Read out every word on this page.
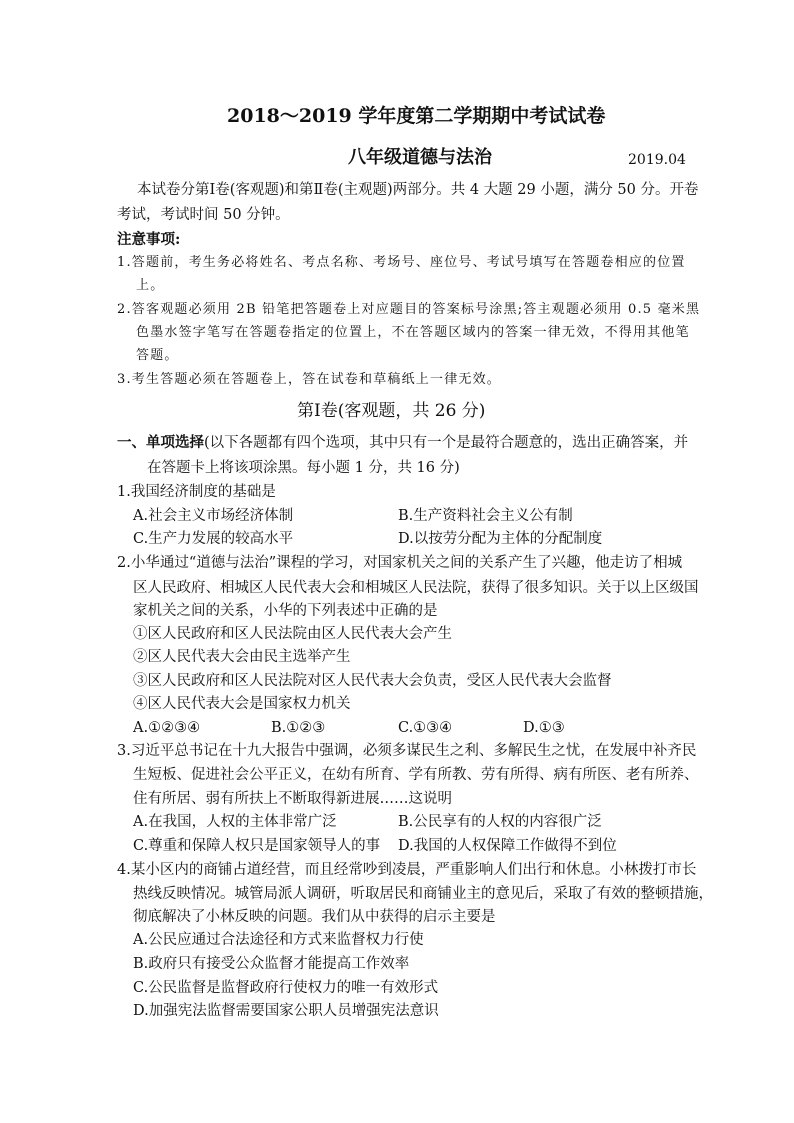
2018～2019 学年度第二学期期中考试试卷
八年级道德与法治	2019.04
本试卷分第Ⅰ卷(客观题)和第Ⅱ卷(主观题)两部分。共 4 大题 29 小题，满分 50 分。开卷
考试，考试时间 50 分钟。
注意事项:
1.答题前，考生务必将姓名、考点名称、考场号、座位号、考试号填写在答题卷相应的位置
上。
2.答客观题必须用 2B 铅笔把答题卷上对应题目的答案标号涂黑;答主观题必须用 0.5 毫米黑
色墨水签字笔写在答题卷指定的位置上，不在答题区域内的答案一律无效，不得用其他笔
答题。
3.考生答题必须在答题卷上，答在试卷和草稿纸上一律无效。
第Ⅰ卷(客观题，共 26 分)
一、单项选择(以下各题都有四个选项，其中只有一个是最符合题意的，选出正确答案，并
在答题卡上将该项涂黑。每小题 1 分，共 16 分)
1.我国经济制度的基础是
A.社会主义市场经济体制	B.生产资料社会主义公有制
C.生产力发展的较高水平	D.以按劳分配为主体的分配制度
2.小华通过“道德与法治”课程的学习，对国家机关之间的关系产生了兴趣，他走访了相城
区人民政府、相城区人民代表大会和相城区人民法院，获得了很多知识。关于以上区级国
家机关之间的关系，小华的下列表述中正确的是
①区人民政府和区人民法院由区人民代表大会产生
②区人民代表大会由民主选举产生
③区人民政府和区人民法院对区人民代表大会负责，受区人民代表大会监督
④区人民代表大会是国家权力机关
A.①②③④	B.①②③	C.①③④	D.①③
3.习近平总书记在十九大报告中强调，必须多谋民生之利、多解民生之忧，在发展中补齐民
生短板、促进社会公平正义，在幼有所育、学有所教、劳有所得、病有所医、老有所养、
住有所居、弱有所扶上不断取得新进展……这说明
A.在我国，人权的主体非常广泛	B.公民享有的人权的内容很广泛
C.尊重和保障人权只是国家领导人的事 D.我国的人权保障工作做得不到位
4.某小区内的商铺占道经营，而且经常吵到凌晨，严重影响人们出行和休息。小林拨打市长
热线反映情况。城管局派人调研，听取居民和商铺业主的意见后，采取了有效的整顿措施，
彻底解决了小林反映的问题。我们从中获得的启示主要是
A.公民应通过合法途径和方式来监督权力行使
B.政府只有接受公众监督才能提高工作效率
C.公民监督是监督政府行使权力的唯一有效形式
D.加强宪法监督需要国家公职人员增强宪法意识
